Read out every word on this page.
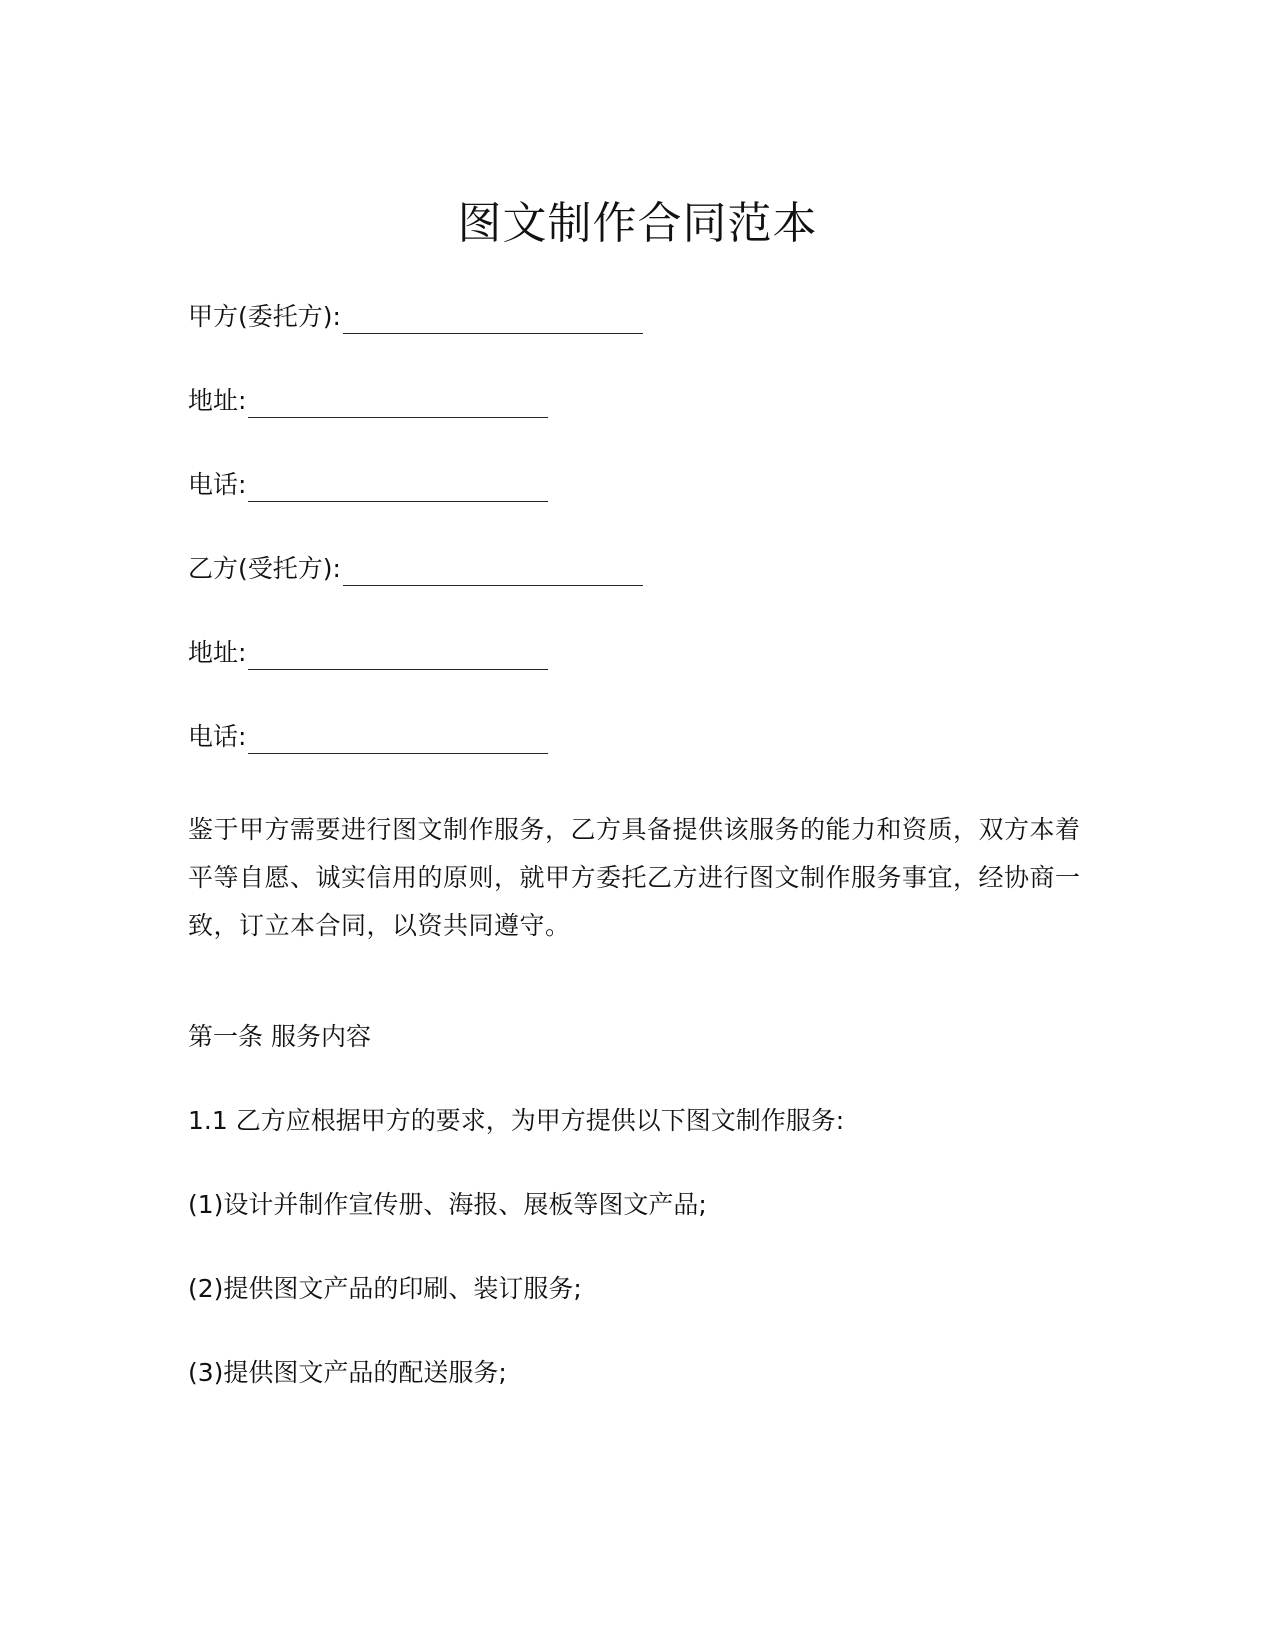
图文制作合同范本
甲方(委托方):
地址:
电话:
乙方(受托方):
地址:
电话:
鉴于甲方需要进行图文制作服务，乙方具备提供该服务的能力和资质，双方本着平等自愿、诚实信用的原则，就甲方委托乙方进行图文制作服务事宜，经协商一致，订立本合同，以资共同遵守。
第一条 服务内容
1.1 乙方应根据甲方的要求，为甲方提供以下图文制作服务:
(1)设计并制作宣传册、海报、展板等图文产品;
(2)提供图文产品的印刷、装订服务;
(3)提供图文产品的配送服务;
